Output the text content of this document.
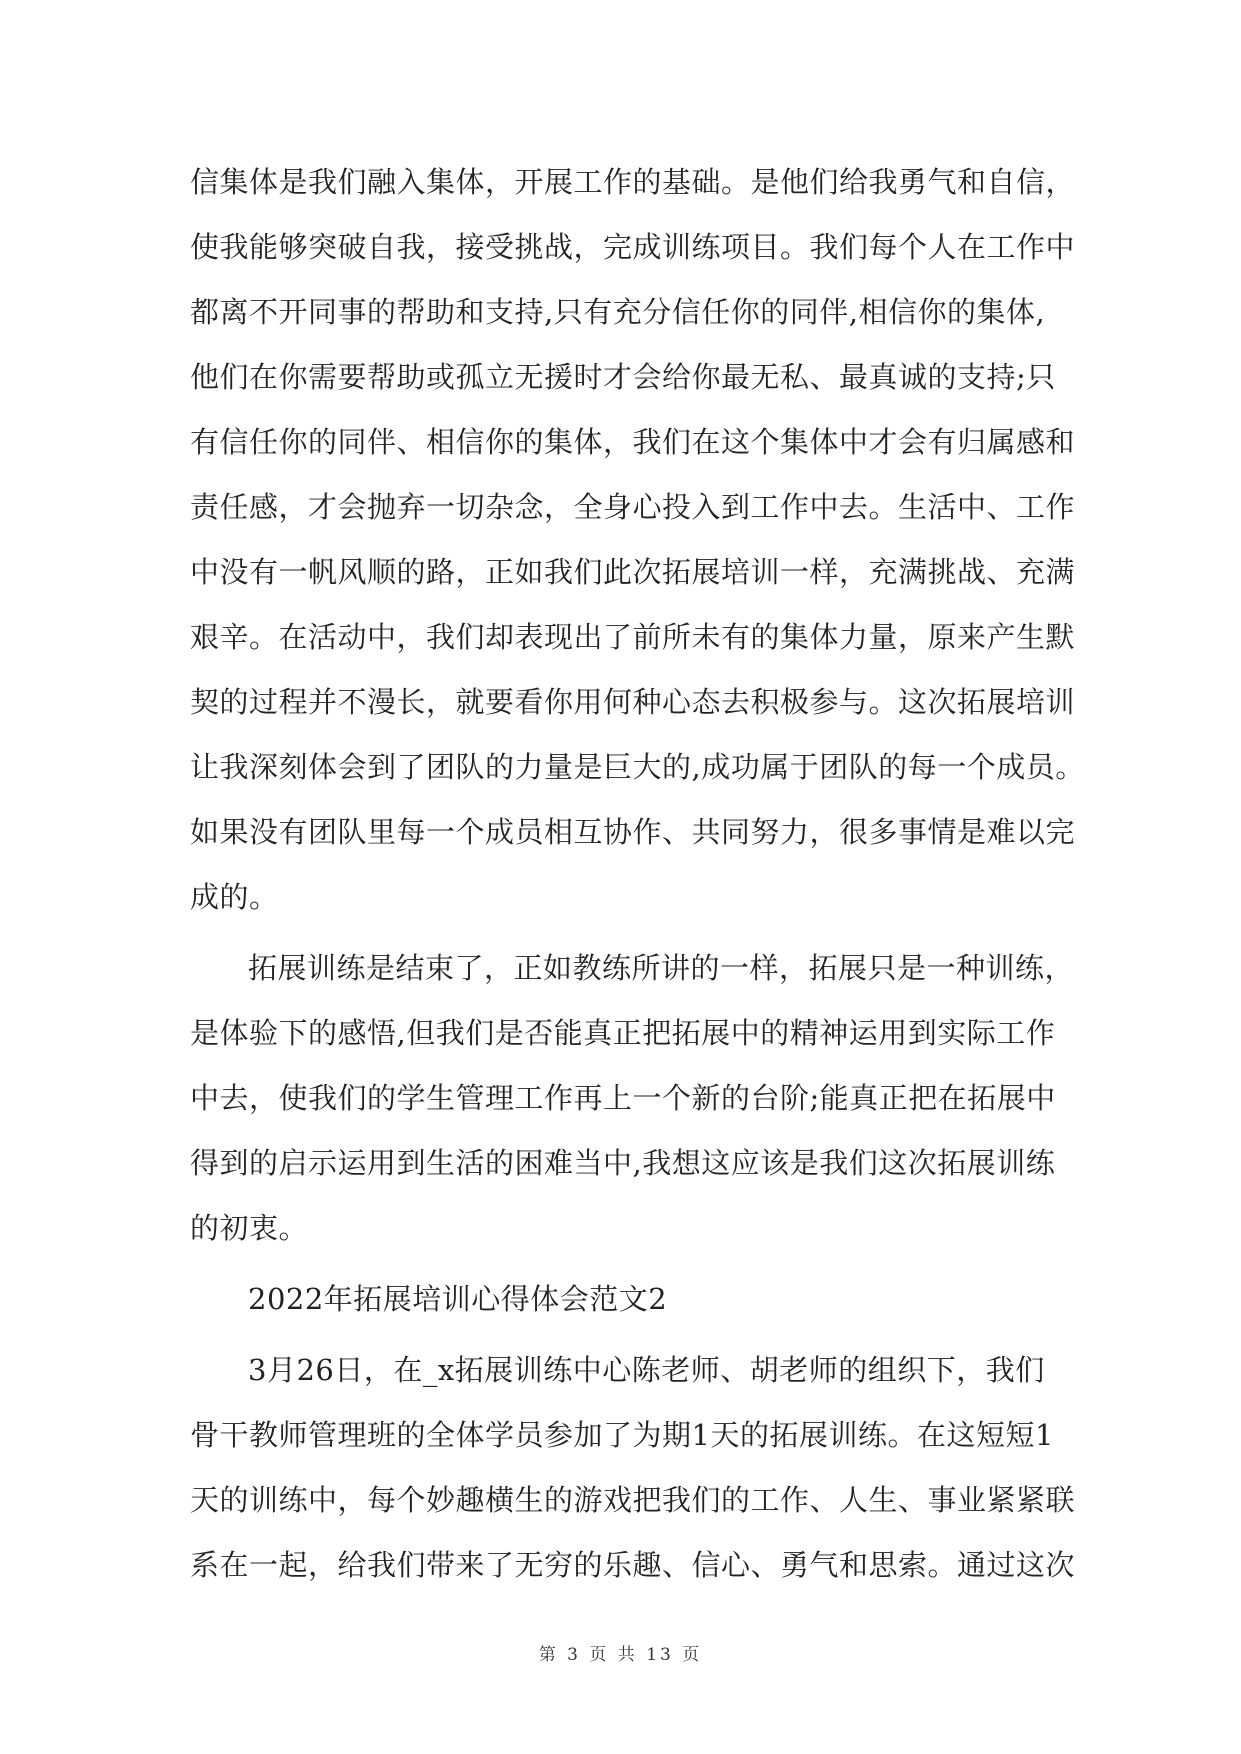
信集体是我们融入集体，开展工作的基础。是他们给我勇气和自信，
使我能够突破自我，接受挑战，完成训练项目。我们每个人在工作中
都离不开同事的帮助和支持,只有充分信任你的同伴,相信你的集体,
他们在你需要帮助或孤立无援时才会给你最无私、最真诚的支持;只
有信任你的同伴、相信你的集体，我们在这个集体中才会有归属感和
责任感，才会抛弃一切杂念，全身心投入到工作中去。生活中、工作
中没有一帆风顺的路，正如我们此次拓展培训一样，充满挑战、充满
艰辛。在活动中，我们却表现出了前所未有的集体力量，原来产生默
契的过程并不漫长，就要看你用何种心态去积极参与。这次拓展培训
让我深刻体会到了团队的力量是巨大的,成功属于团队的每一个成员。
如果没有团队里每一个成员相互协作、共同努力，很多事情是难以完
成的。
拓展训练是结束了，正如教练所讲的一样，拓展只是一种训练，
是体验下的感悟,但我们是否能真正把拓展中的精神运用到实际工作
中去，使我们的学生管理工作再上一个新的台阶;能真正把在拓展中
得到的启示运用到生活的困难当中,我想这应该是我们这次拓展训练
的初衷。
2022年拓展培训心得体会范文2
3月26日，在_x拓展训练中心陈老师、胡老师的组织下，我们
骨干教师管理班的全体学员参加了为期1天的拓展训练。在这短短1
天的训练中，每个妙趣横生的游戏把我们的工作、人生、事业紧紧联
系在一起，给我们带来了无穷的乐趣、信心、勇气和思索。通过这次
第 3 页 共 13 页
